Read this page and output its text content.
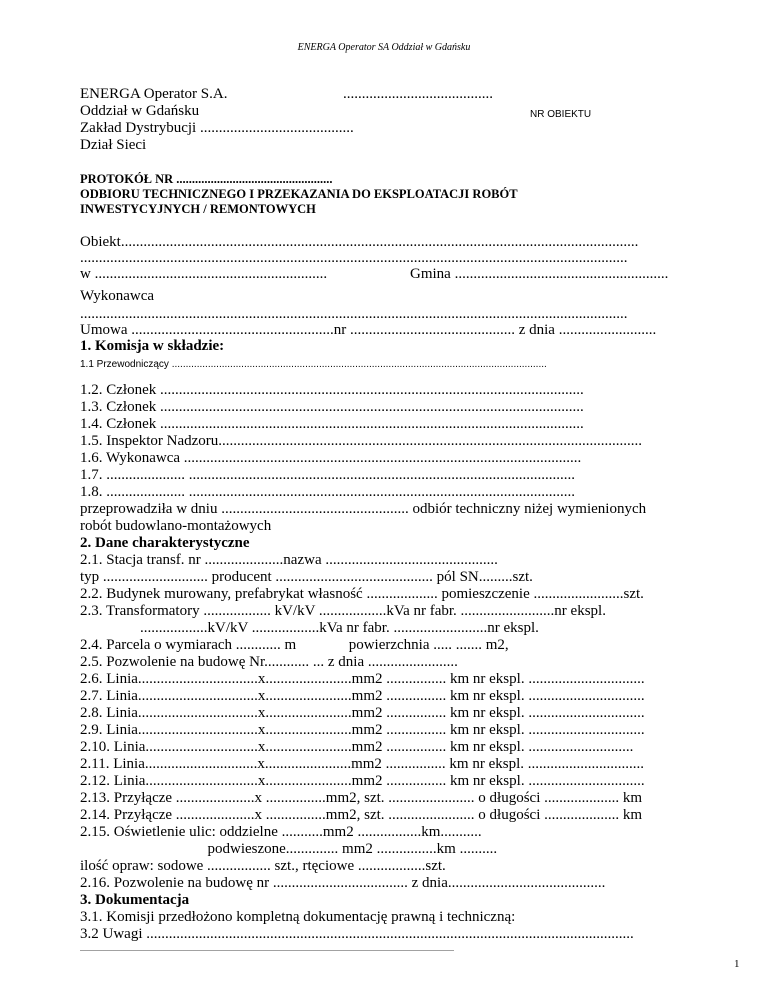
ENERGA Operator SA Oddział w Gdańsku
ENERGA Operator S.A.	........................................
Oddział w Gdańsku	NR OBIEKTU
Zakład Dystrybucji .........................................
Dział Sieci
PROTOKÓŁ NR ..................................................
ODBIORU TECHNICZNEGO I PRZEKAZANIA DO EKSPLOATACJI ROBÓT
INWESTYCYJNYCH / REMONTOWYCH
Obiekt..........................................................................................................................................
..................................................................................................................................................
w ..............................................................	Gmina .........................................................
Wykonawca
..................................................................................................................................................
Umowa ......................................................nr ............................................ z dnia ..........................
1. Komisja w składzie:
1.1 Przewodniczący .......................................................................................................................................
1.2. Członek .................................................................................................................
1.3. Członek .................................................................................................................
1.4. Członek .................................................................................................................
1.5. Inspektor Nadzoru.................................................................................................................
1.6. Wykonawca ..........................................................................................................
1.7. ..................... .......................................................................................................
1.8. ..................... .......................................................................................................
przeprowadziła w dniu .................................................. odbiór techniczny niżej wymienionych
robót budowlano-montażowych
2. Dane charakterystyczne
2.1. Stacja transf. nr .....................nazwa ..............................................
typ ............................ producent .......................................... pól SN.........szt.
2.2. Budynek murowany, prefabrykat własność ................... pomieszczenie ........................szt.
2.3. Transformatory .................. kV/kV ..................kVa nr fabr. .........................nr ekspl.
..................kV/kV ..................kVa nr fabr. .........................nr ekspl.
2.4. Parcela o wymiarach ............ m              powierzchnia ..... ....... m2,
2.5. Pozwolenie na budowę Nr............ ... z dnia ........................
2.6. Linia................................x.......................mm2 ................ km nr ekspl. ...............................
2.7. Linia................................x.......................mm2 ................ km nr ekspl. ...............................
2.8. Linia................................x.......................mm2 ................ km nr ekspl. ...............................
2.9. Linia................................x.......................mm2 ................ km nr ekspl. ...............................
2.10. Linia..............................x.......................mm2 ................ km nr ekspl. ............................
2.11. Linia..............................x.......................mm2 ................ km nr ekspl. ...............................
2.12. Linia..............................x.......................mm2 ................ km nr ekspl. ...............................
2.13. Przyłącze .....................x ................mm2, szt. ....................... o długości .................... km
2.14. Przyłącze .....................x ................mm2, szt. ....................... o długości .................... km
2.15. Oświetlenie ulic: oddzielne ...........mm2 .................km...........
podwieszone.............. mm2 ................km ..........
ilość opraw: sodowe ................. szt., rtęciowe ..................szt.
2.16. Pozwolenie na budowę nr .................................... z dnia..........................................
3. Dokumentacja
3.1. Komisji przedłożono kompletną dokumentację prawną i techniczną:
3.2 Uwagi ..................................................................................................................................
...........................................................................................................................................................................................
1
